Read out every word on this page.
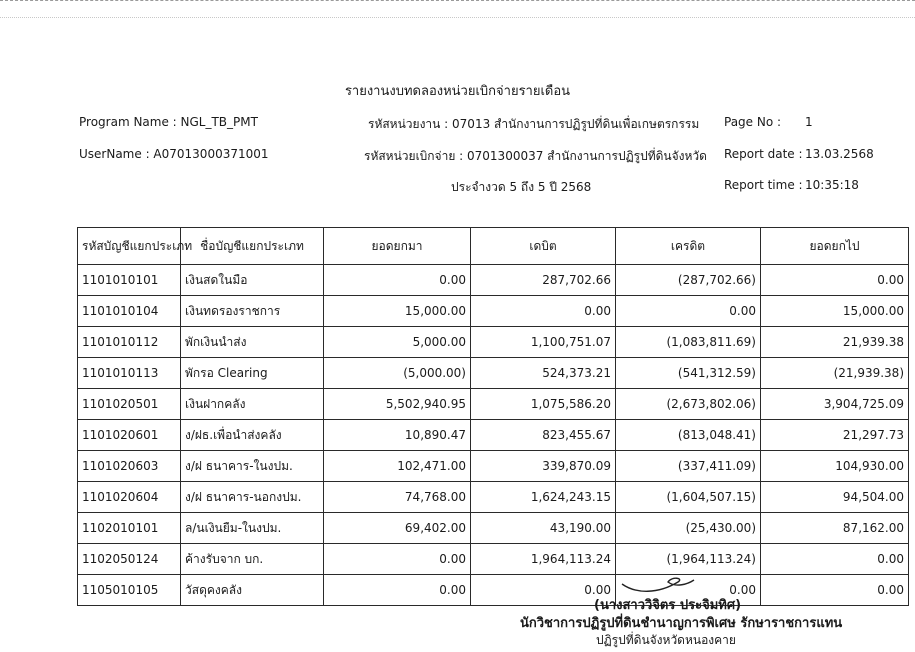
รายงานงบทดลองหน่วยเบิกจ่ายรายเดือน
Program Name : NGL_TB_PMT	รหัสหน่วยงาน : 07013 สำนักงานการปฏิรูปที่ดินเพื่อเกษตรกรรม Page No : 1
UserName : A07013000371001	รหัสหน่วยเบิกจ่าย : 0701300037 สำนักงานการปฏิรูปที่ดินจังหวัด Report date : 13.03.2568
ประจำงวด 5 ถึง 5 ปี 2568	Report time : 10:35:18
รหัสบัญชีแยกประเภท	ชื่อบัญชีแยกประเภท	ยอดยกมา	เดบิต	เครดิต	ยอดยกไป
1101010101	เงินสดในมือ	0.00	287,702.66	(287,702.66)	0.00
1101010104	เงินทดรองราชการ	15,000.00	0.00	0.00	15,000.00
1101010112	พักเงินนำส่ง	5,000.00	1,100,751.07	(1,083,811.69)	21,939.38
1101010113	พักรอ Clearing	(5,000.00)	524,373.21	(541,312.59)	(21,939.38)
1101020501	เงินฝากคลัง	5,502,940.95	1,075,586.20	(2,673,802.06)	3,904,725.09
1101020601	ง/ฝธ.เพื่อนำส่งคลัง	10,890.47	823,455.67	(813,048.41)	21,297.73
1101020603	ง/ฝ ธนาคาร-ในงปม.	102,471.00	339,870.09	(337,411.09)	104,930.00
1101020604	ง/ฝ ธนาคาร-นอกงปม.	74,768.00	1,624,243.15	(1,604,507.15)	94,504.00
1102010101	ล/นเงินยืม-ในงปม.	69,402.00	43,190.00	(25,430.00)	87,162.00
1102050124	ค้างรับจาก บก.	0.00	1,964,113.24	(1,964,113.24)	0.00
1105010105	วัสดุคงคลัง	0.00	0.00	0.00	0.00
(นางสาววิจิตร ประจิมทิศ)
นักวิชาการปฏิรูปที่ดินชำนาญการพิเศษ รักษาราชการแทน
ปฏิรูปที่ดินจังหวัดหนองคาย
